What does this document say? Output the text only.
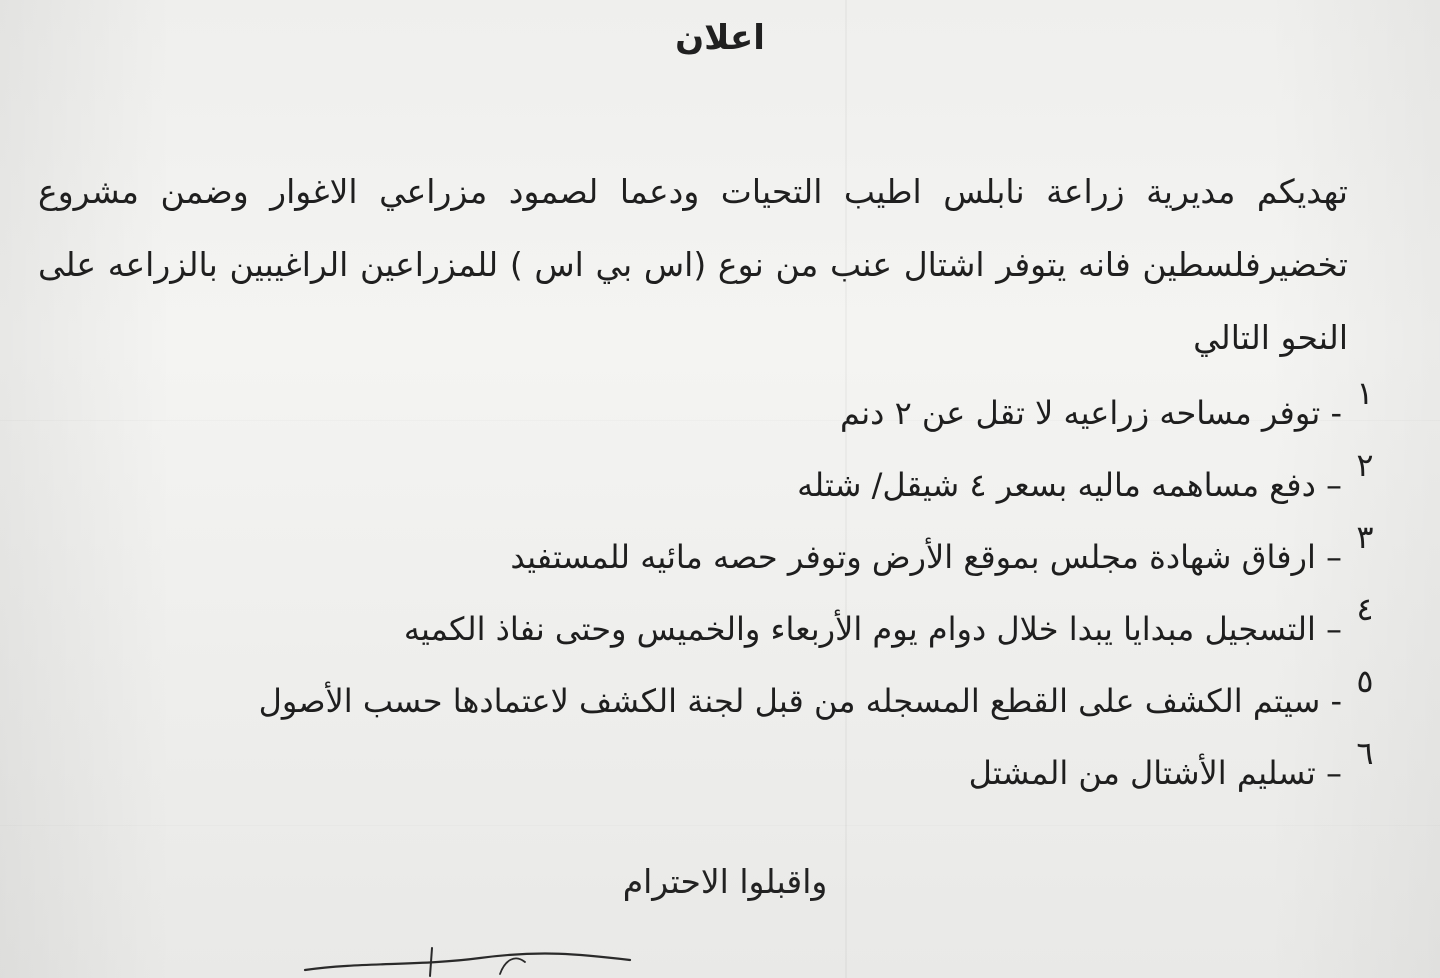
اعلان
تهديكم مديرية زراعة نابلس اطيب التحيات ودعما لصمود مزراعي الاغوار وضمن مشروع تخضيرفلسطين فانه يتوفر اشتال عنب من نوع (اس بي اس ) للمزراعين الراغيبين بالزراعه على النحو التالي
١
- توفر مساحه زراعيه لا تقل عن ٢ دنم
٢
– دفع مساهمه ماليه بسعر ٤ شيقل/ شتله
٣
– ارفاق شهادة مجلس بموقع الأرض وتوفر حصه مائيه للمستفيد
٤
– التسجيل مبدايا يبدا خلال دوام يوم الأربعاء والخميس وحتى نفاذ الكميه
٥
- سيتم الكشف على القطع المسجله من قبل لجنة الكشف لاعتمادها حسب الأصول
٦
– تسليم الأشتال من المشتل
واقبلوا الاحترام
